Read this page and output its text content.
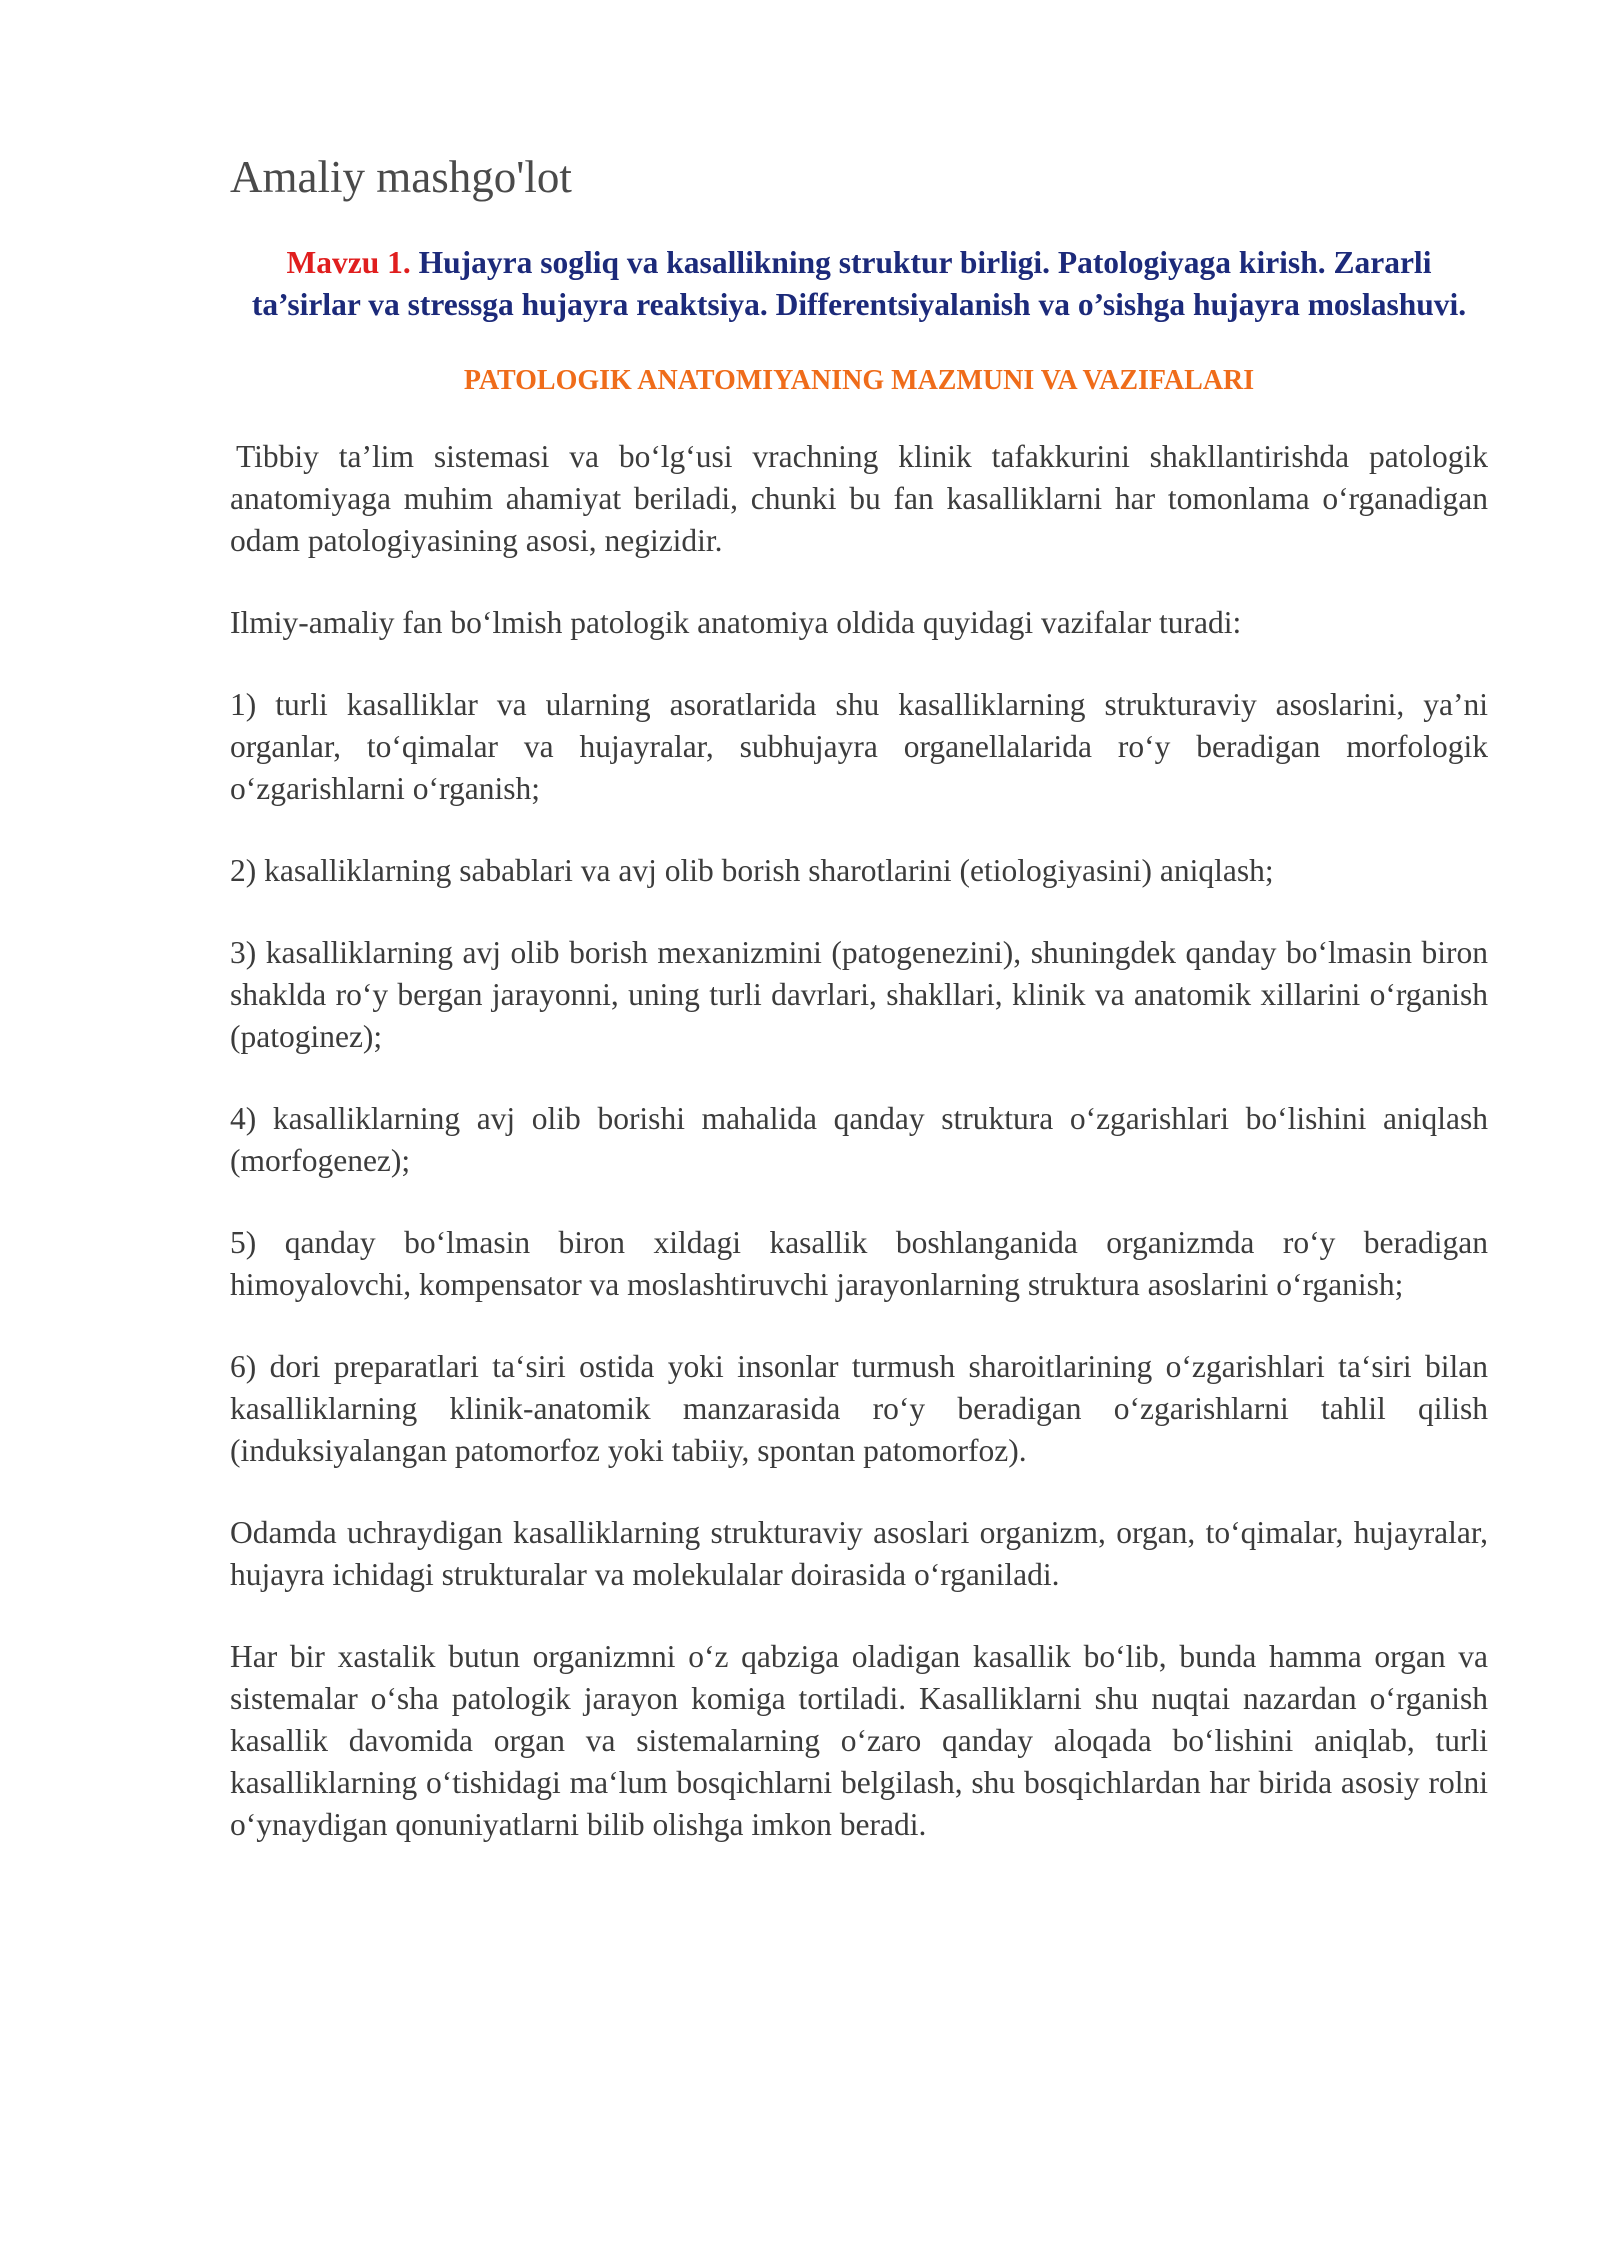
Amaliy mashgo'lot

Mavzu 1. Hujayra sogliq va kasallikning struktur birligi. Patologiyaga kirish. Zararli ta’sirlar va stressga hujayra reaktsiya. Differentsiyalanish va o’sishga hujayra moslashuvi.

PATOLOGIK ANATOMIYANING MAZMUNI VA VAZIFALARI

Tibbiy ta’lim sistemasi va boʻlgʻusi vrachning klinik tafakkurini shakllantirishda patologik anatomiyaga muhim ahamiyat beriladi, chunki bu fan kasalliklarni har tomonlama oʻrganadigan odam patologiyasining asosi, negizidir.

Ilmiy-amaliy fan boʻlmish patologik anatomiya oldida quyidagi vazifalar turadi:

1) turli kasalliklar va ularning asoratlarida shu kasalliklarning strukturaviy asoslarini, ya’ni organlar, toʻqimalar va hujayralar, subhujayra organellalarida roʻy beradigan morfologik oʻzgarishlarni oʻrganish;

2) kasalliklarning sabablari va avj olib borish sharotlarini (etiologiyasini) aniqlash;

3) kasalliklarning avj olib borish mexanizmini (patogenezini), shuningdek qanday boʻlmasin biron shaklda roʻy bergan jarayonni, uning turli davrlari, shakllari, klinik va anatomik xillarini oʻrganish (patoginez);

4) kasalliklarning avj olib borishi mahalida qanday struktura oʻzgarishlari boʻlishini aniqlash (morfogenez);

5) qanday boʻlmasin biron xildagi kasallik boshlanganida organizmda roʻy beradigan himoyalovchi, kompensator va moslashtiruvchi jarayonlarning struktura asoslarini oʻrganish;

6) dori preparatlari taʻsiri ostida yoki insonlar turmush sharoitlarining oʻzgarishlari taʻsiri bilan kasalliklarning klinik-anatomik manzarasida roʻy beradigan oʻzgarishlarni tahlil qilish (induksiyalangan patomorfoz yoki tabiiy, spontan patomorfoz).

Odamda uchraydigan kasalliklarning strukturaviy asoslari organizm, organ, toʻqimalar, hujayralar, hujayra ichidagi strukturalar va molekulalar doirasida oʻrganiladi.

Har bir xastalik butun organizmni oʻz qabziga oladigan kasallik boʻlib, bunda hamma organ va sistemalar oʻsha patologik jarayon komiga tortiladi. Kasalliklarni shu nuqtai nazardan oʻrganish kasallik davomida organ va sistemalarning oʻzaro qanday aloqada boʻlishini aniqlab, turli kasalliklarning oʻtishidagi maʻlum bosqichlarni belgilash, shu bosqichlardan har birida asosiy rolni oʻynaydigan qonuniyatlarni bilib olishga imkon beradi.
